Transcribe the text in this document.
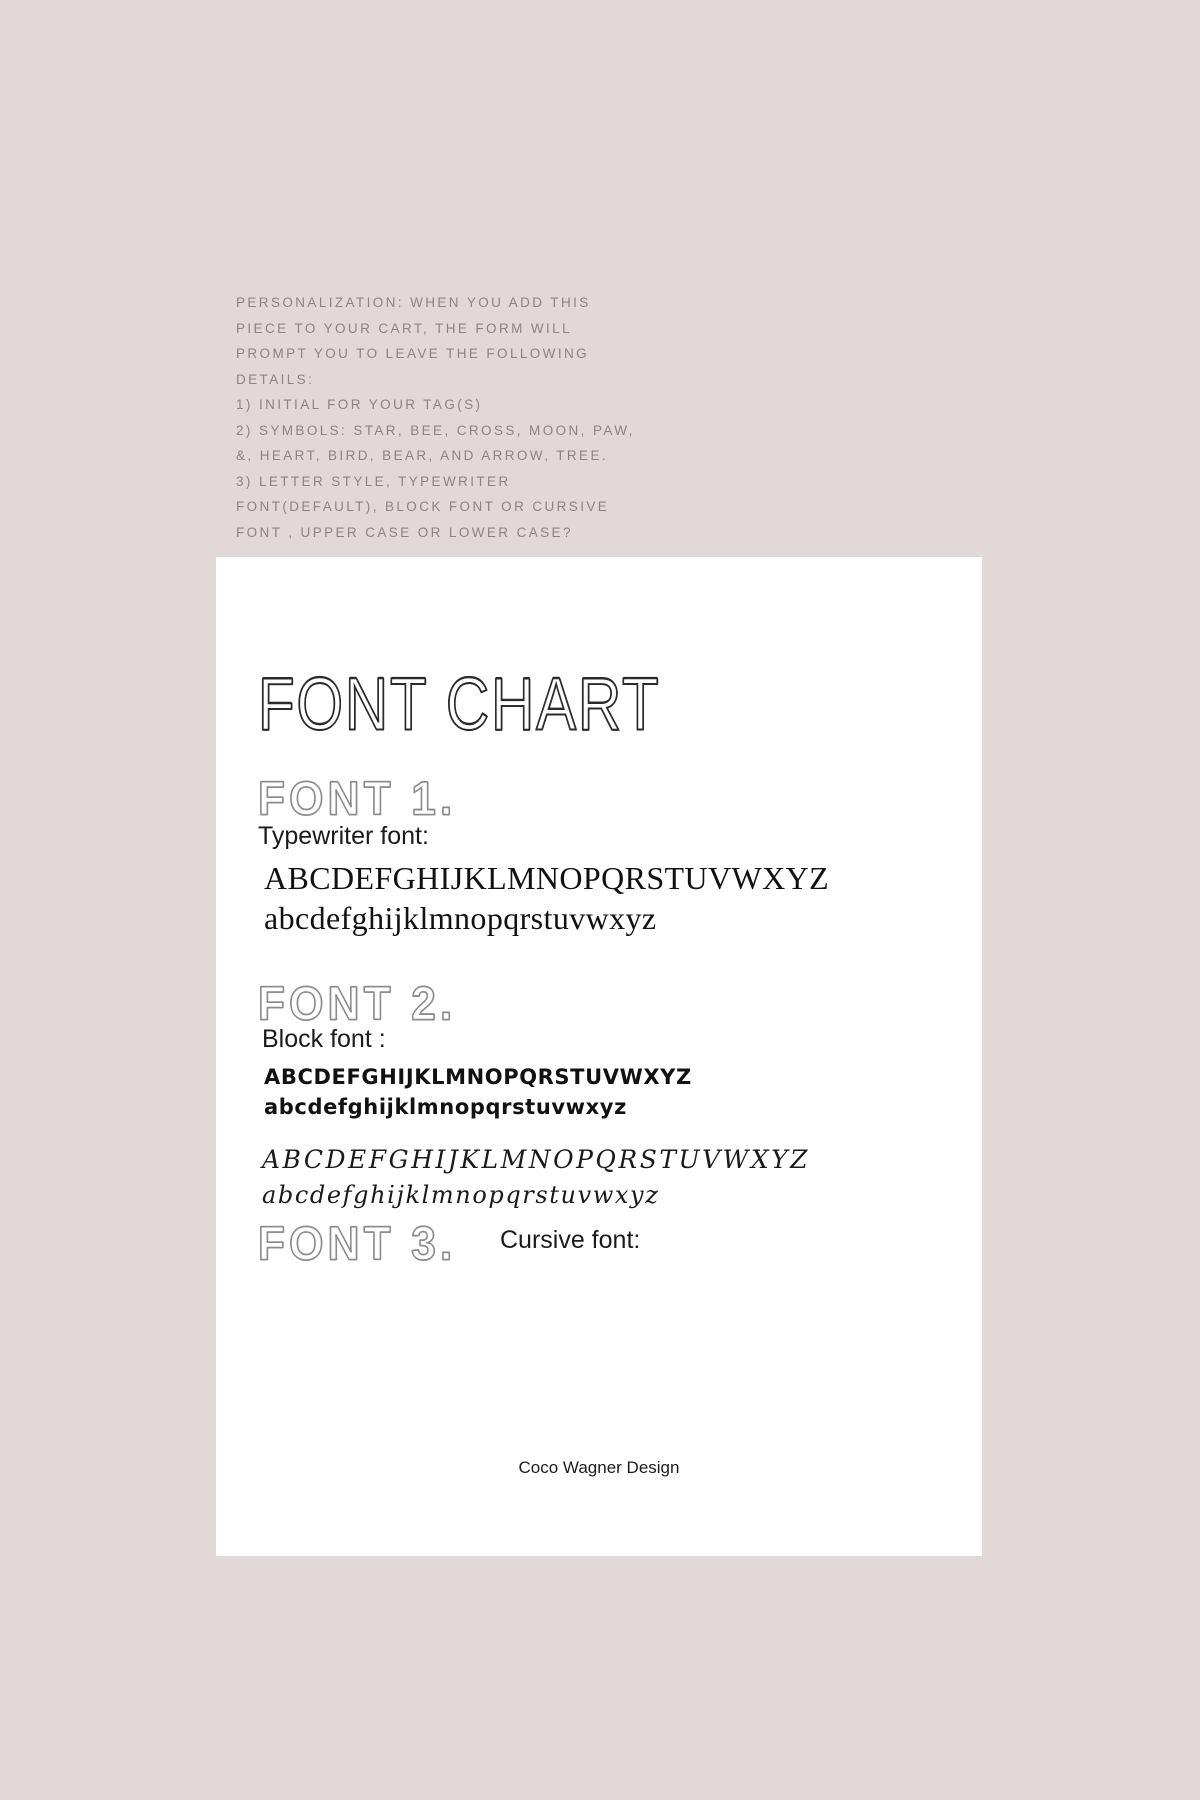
PERSONALIZATION: WHEN YOU ADD THIS

PIECE TO YOUR CART, THE FORM WILL

PROMPT YOU TO LEAVE THE FOLLOWING

DETAILS:

1) INITIAL FOR YOUR TAG(S)

2) SYMBOLS: STAR, BEE, CROSS, MOON, PAW,

&, HEART, BIRD, BEAR, AND ARROW, TREE.

3) LETTER STYLE, TYPEWRITER

FONT(DEFAULT), BLOCK FONT OR CURSIVE

FONT , UPPER CASE OR LOWER CASE?

FONT CHART
FONT 1.
Typewriter font:
ABCDEFGHIJKLMNOPQRSTUVWXYZ
abcdefghijklmnopqrstuvwxyz
FONT 2.
Block font :
ABCDEFGHIJKLMNOPQRSTUVWXYZ
abcdefghijklmnopqrstuvwxyz
ABCDEFGHIJKLMNOPQRSTUVWXYZ
abcdefghijklmnopqrstuvwxyz
FONT 3. Cursive font:
Coco Wagner Design
